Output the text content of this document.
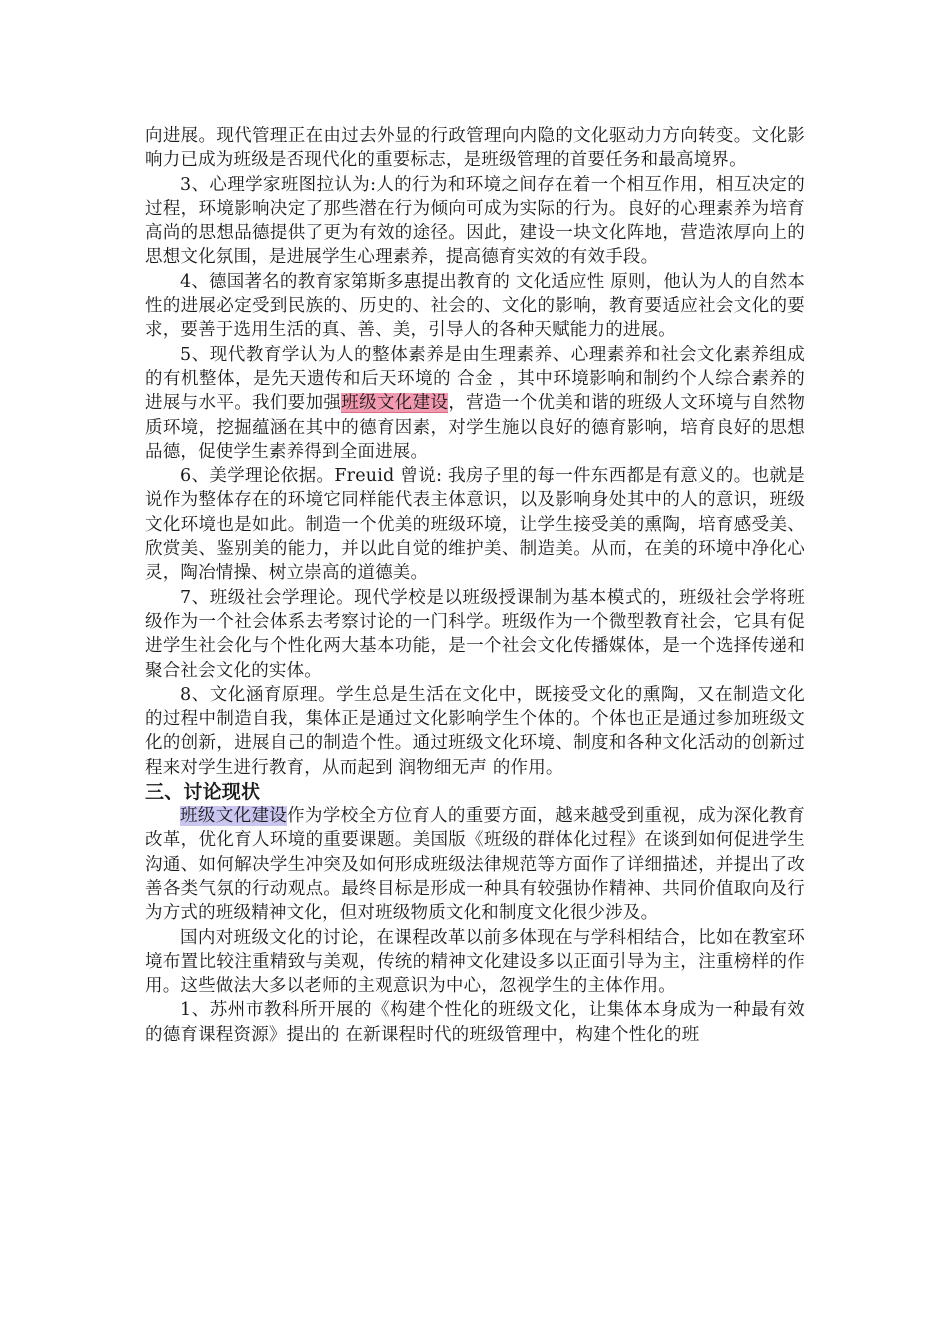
向进展。现代管理正在由过去外显的行政管理向内隐的文化驱动力方向转变。文化影响力已成为班级是否现代化的重要标志，是班级管理的首要任务和最高境界。

3、心理学家班图拉认为:人的行为和环境之间存在着一个相互作用，相互决定的过程，环境影响决定了那些潜在行为倾向可成为实际的行为。良好的心理素养为培育高尚的思想品德提供了更为有效的途径。因此，建设一块文化阵地，营造浓厚向上的思想文化氛围，是进展学生心理素养，提高德育实效的有效手段。

4、德国著名的教育家第斯多惠提出教育的 文化适应性 原则，他认为人的自然本性的进展必定受到民族的、历史的、社会的、文化的影响，教育要适应社会文化的要求，要善于选用生活的真、善、美，引导人的各种天赋能力的进展。

5、现代教育学认为人的整体素养是由生理素养、心理素养和社会文化素养组成的有机整体，是先天遗传和后天环境的 合金 ，其中环境影响和制约个人综合素养的进展与水平。我们要加强班级文化建设，营造一个优美和谐的班级人文环境与自然物质环境，挖掘蕴涵在其中的德育因素，对学生施以良好的德育影响，培育良好的思想品德，促使学生素养得到全面进展。

6、美学理论依据。Freuid 曾说: 我房子里的每一件东西都是有意义的。也就是说作为整体存在的环境它同样能代表主体意识，以及影响身处其中的人的意识，班级文化环境也是如此。制造一个优美的班级环境，让学生接受美的熏陶，培育感受美、欣赏美、鉴别美的能力，并以此自觉的维护美、制造美。从而，在美的环境中净化心灵，陶冶情操、树立崇高的道德美。

7、班级社会学理论。现代学校是以班级授课制为基本模式的，班级社会学将班级作为一个社会体系去考察讨论的一门科学。班级作为一个微型教育社会，它具有促进学生社会化与个性化两大基本功能，是一个社会文化传播媒体，是一个选择传递和聚合社会文化的实体。

8、文化涵育原理。学生总是生活在文化中，既接受文化的熏陶，又在制造文化的过程中制造自我，集体正是通过文化影响学生个体的。个体也正是通过参加班级文化的创新，进展自己的制造个性。通过班级文化环境、制度和各种文化活动的创新过程来对学生进行教育，从而起到 润物细无声 的作用。

三、讨论现状

班级文化建设作为学校全方位育人的重要方面，越来越受到重视，成为深化教育改革，优化育人环境的重要课题。美国版《班级的群体化过程》在谈到如何促进学生沟通、如何解决学生冲突及如何形成班级法律规范等方面作了详细描述，并提出了改善各类气氛的行动观点。最终目标是形成一种具有较强协作精神、共同价值取向及行为方式的班级精神文化，但对班级物质文化和制度文化很少涉及。

国内对班级文化的讨论，在课程改革以前多体现在与学科相结合，比如在教室环境布置比较注重精致与美观，传统的精神文化建设多以正面引导为主，注重榜样的作用。这些做法大多以老师的主观意识为中心，忽视学生的主体作用。

1、苏州市教科所开展的《构建个性化的班级文化，让集体本身成为一种最有效的德育课程资源》提出的 在新课程时代的班级管理中，构建个性化的班
